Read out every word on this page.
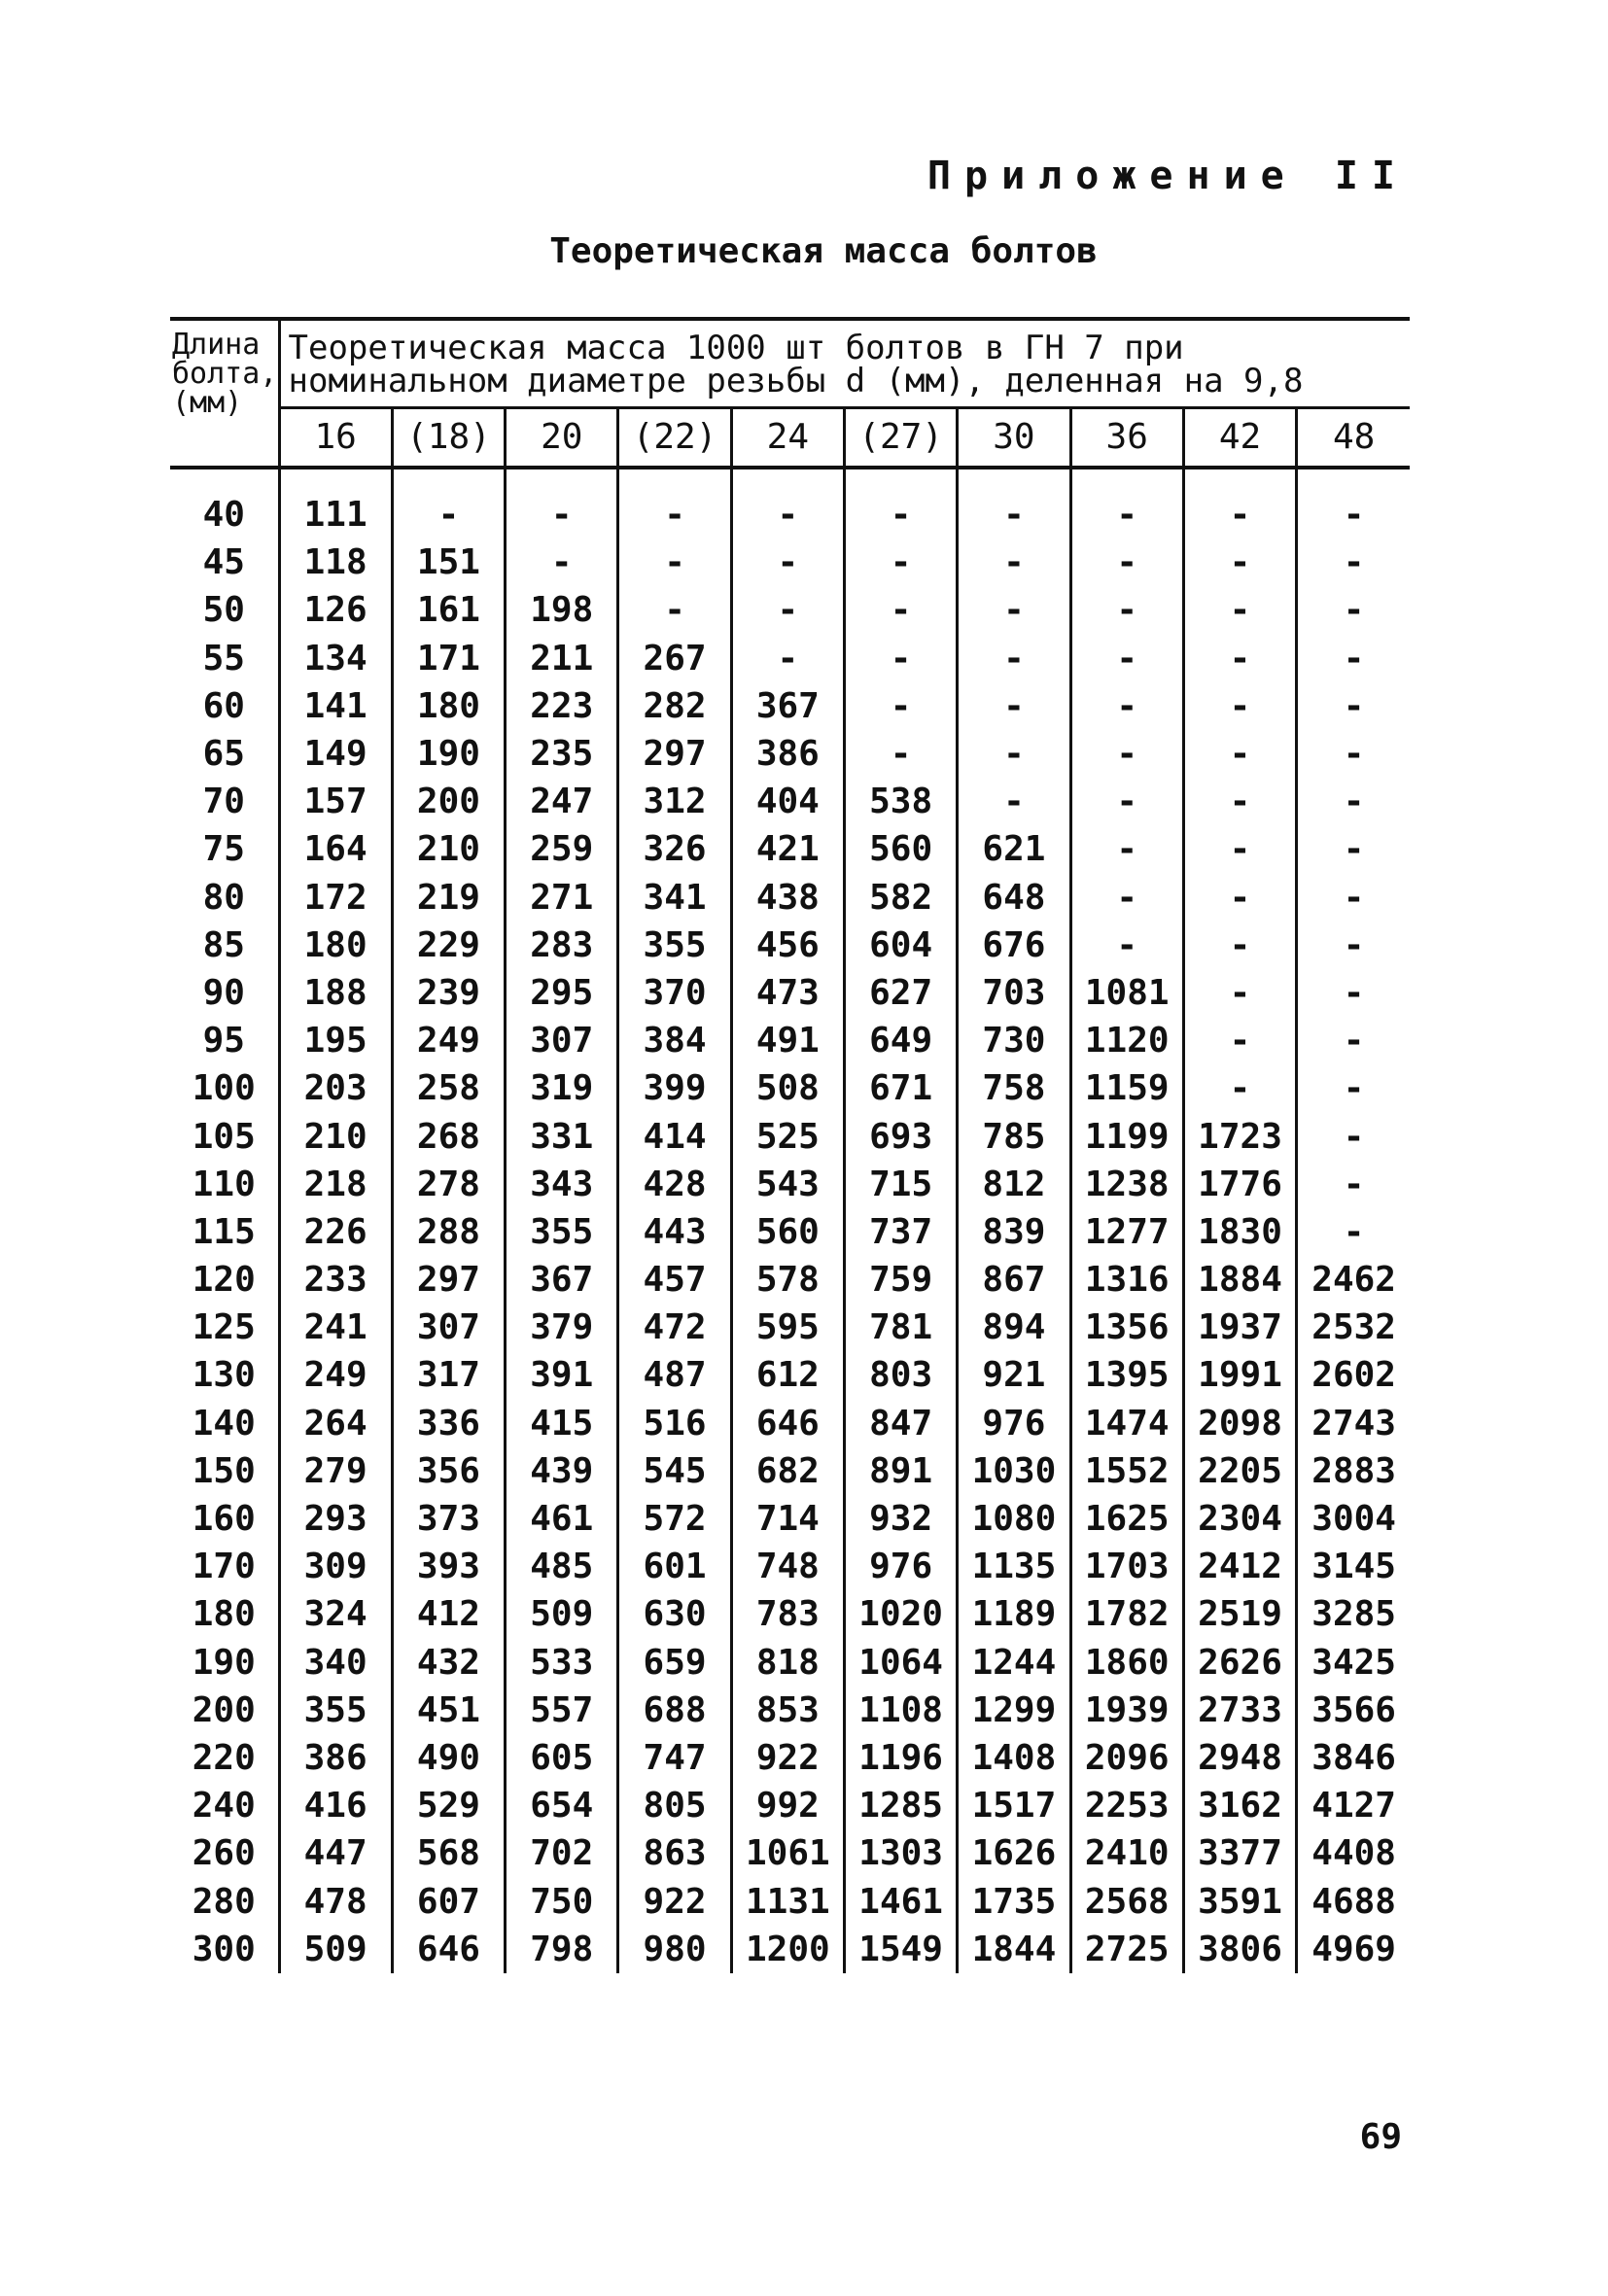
Приложение II
Теоретическая масса болтов
Длина болта, (мм)	Теоретическая масса 1000 шт болтов в ГН 7 при номинальном диаметре резьбы d (мм), деленная на 9,8									
	16	(18)	20	(22)	24	(27)	30	36	42	48
40	111	-	-	-	-	-	-	-	-	-
45	118	151	-	-	-	-	-	-	-	-
50	126	161	198	-	-	-	-	-	-	-
55	134	171	211	267	-	-	-	-	-	-
60	141	180	223	282	367	-	-	-	-	-
65	149	190	235	297	386	-	-	-	-	-
70	157	200	247	312	404	538	-	-	-	-
75	164	210	259	326	421	560	621	-	-	-
80	172	219	271	341	438	582	648	-	-	-
85	180	229	283	355	456	604	676	-	-	-
90	188	239	295	370	473	627	703	1081	-	-
95	195	249	307	384	491	649	730	1120	-	-
100	203	258	319	399	508	671	758	1159	-	-
105	210	268	331	414	525	693	785	1199	1723	-
110	218	278	343	428	543	715	812	1238	1776	-
115	226	288	355	443	560	737	839	1277	1830	-
120	233	297	367	457	578	759	867	1316	1884	2462
125	241	307	379	472	595	781	894	1356	1937	2532
130	249	317	391	487	612	803	921	1395	1991	2602
140	264	336	415	516	646	847	976	1474	2098	2743
150	279	356	439	545	682	891	1030	1552	2205	2883
160	293	373	461	572	714	932	1080	1625	2304	3004
170	309	393	485	601	748	976	1135	1703	2412	3145
180	324	412	509	630	783	1020	1189	1782	2519	3285
190	340	432	533	659	818	1064	1244	1860	2626	3425
200	355	451	557	688	853	1108	1299	1939	2733	3566
220	386	490	605	747	922	1196	1408	2096	2948	3846
240	416	529	654	805	992	1285	1517	2253	3162	4127
260	447	568	702	863	1061	1303	1626	2410	3377	4408
280	478	607	750	922	1131	1461	1735	2568	3591	4688
300	509	646	798	980	1200	1549	1844	2725	3806	4969
69
